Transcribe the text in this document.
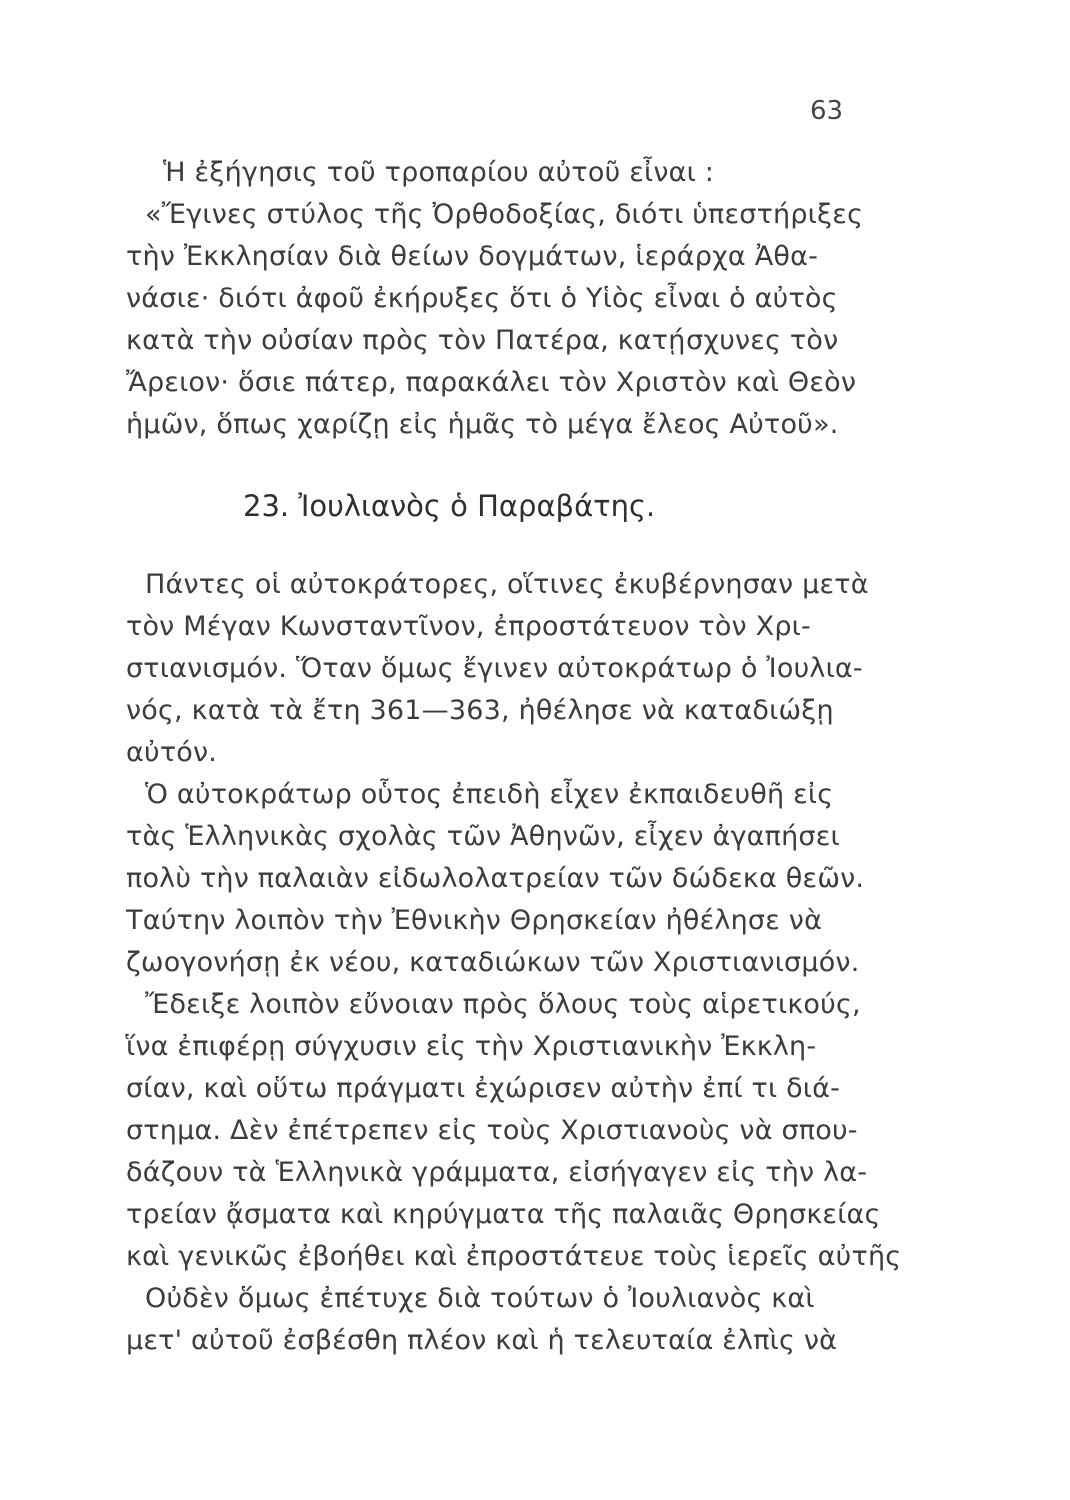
63
Ἡ ἐξήγησις τοῦ τροπαρίου αὐτοῦ εἶναι :
«Ἔγινες στύλος τῆς Ὀρθοδοξίας, διότι ὑπεστήριξες
τὴν Ἐκκλησίαν διὰ θείων δογμάτων, ἱεράρχα Ἀθα-
νάσιε· διότι ἀφοῦ ἐκήρυξες ὅτι ὁ Υἱὸς εἶναι ὁ αὐτὸς
κατὰ τὴν οὐσίαν πρὸς τὸν Πατέρα, κατῄσχυνες τὸν
Ἄρειον· ὅσιε πάτερ, παρακάλει τὸν Χριστὸν καὶ Θεὸν
ἡμῶν, ὅπως χαρίζῃ εἰς ἡμᾶς τὸ μέγα ἔλεος Αὐτοῦ».
23. Ἰουλιανὸς ὁ Παραβάτης.
Πάντες οἱ αὐτοκράτορες, οἵτινες ἐκυβέρνησαν μετὰ
τὸν Μέγαν Κωνσταντῖνον, ἐπροστάτευον τὸν Χρι-
στιανισμόν. Ὅταν ὅμως ἔγινεν αὐτοκράτωρ ὁ Ἰουλια-
νός, κατὰ τὰ ἔτη 361—363, ἠθέλησε νὰ καταδιώξῃ
αὐτόν.
Ὁ αὐτοκράτωρ οὗτος ἐπειδὴ εἶχεν ἐκπαιδευθῆ εἰς
τὰς Ἑλληνικὰς σχολὰς τῶν Ἀθηνῶν, εἶχεν ἀγαπήσει
πολὺ τὴν παλαιὰν εἰδωλολατρείαν τῶν δώδεκα θεῶν.
Ταύτην λοιπὸν τὴν Ἐθνικὴν Θρησκείαν ἠθέλησε νὰ
ζωογονήσῃ ἐκ νέου, καταδιώκων τῶν Χριστιανισμόν.
Ἔδειξε λοιπὸν εὔνοιαν πρὸς ὅλους τοὺς αἱρετικούς,
ἵνα ἐπιφέρῃ σύγχυσιν εἰς τὴν Χριστιανικὴν Ἐκκλη-
σίαν, καὶ οὕτω πράγματι ἐχώρισεν αὐτὴν ἐπί τι διά-
στημα. Δὲν ἐπέτρεπεν εἰς τοὺς Χριστιανοὺς νὰ σπου-
δάζουν τὰ Ἑλληνικὰ γράμματα, εἰσήγαγεν εἰς τὴν λα-
τρείαν ᾄσματα καὶ κηρύγματα τῆς παλαιᾶς Θρησκείας
καὶ γενικῶς ἐβοήθει καὶ ἐπροστάτευε τοὺς ἱερεῖς αὐτῆς
Οὐδὲν ὅμως ἐπέτυχε διὰ τούτων ὁ Ἰουλιανὸς καὶ
μετ' αὐτοῦ ἐσβέσθη πλέον καὶ ἡ τελευταία ἐλπὶς νὰ
